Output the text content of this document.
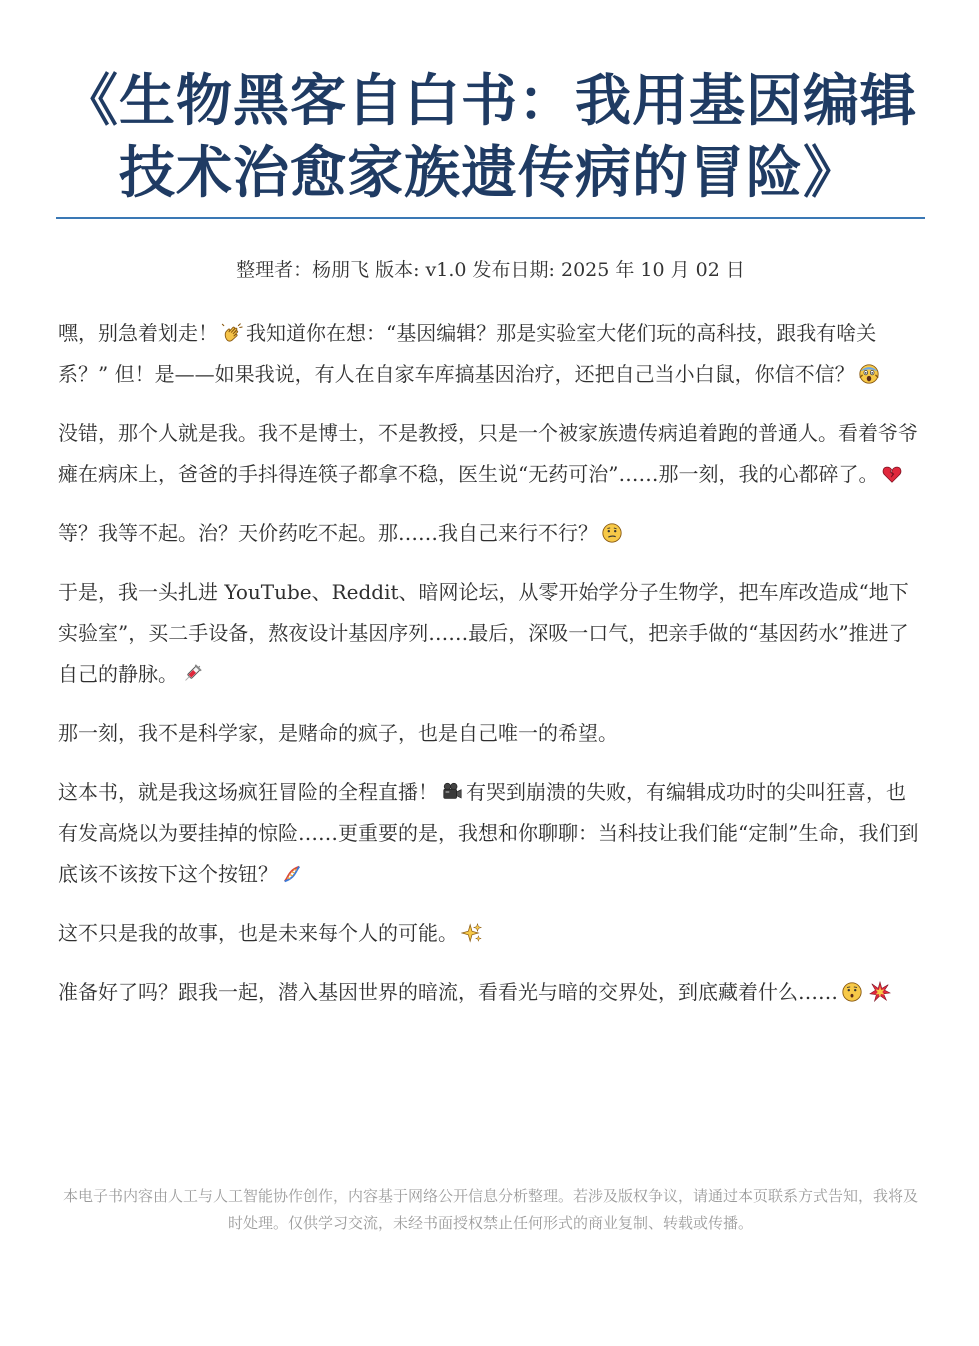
《生物黑客自白书：我用基因编辑
技术治愈家族遗传病的冒险》
整理者：杨朋飞 版本: v1.0 发布日期: 2025 年 10 月 02 日

嘿，别急着划走！ 我知道你在想：“基因编辑？那是实验室大佬们玩的高科技，跟我有啥关系？” 但！是——如果我说，有人在自家车库搞基因治疗，还把自己当小白鼠，你信不信？

没错，那个人就是我。我不是博士，不是教授，只是一个被家族遗传病追着跑的普通人。看着爷爷瘫在病床上，爸爸的手抖得连筷子都拿不稳，医生说“无药可治”……那一刻，我的心都碎了。

等？我等不起。治？天价药吃不起。那……我自己来行不行？

于是，我一头扎进 YouTube、Reddit、暗网论坛，从零开始学分子生物学，把车库改造成“地下实验室”，买二手设备，熬夜设计基因序列……最后，深吸一口气，把亲手做的“基因药水”推进了自己的静脉。

那一刻，我不是科学家，是赌命的疯子，也是自己唯一的希望。

这本书，就是我这场疯狂冒险的全程直播！ 有哭到崩溃的失败，有编辑成功时的尖叫狂喜，也有发高烧以为要挂掉的惊险……更重要的是，我想和你聊聊：当科技让我们能“定制”生命，我们到底该不该按下这个按钮？

这不只是我的故事，也是未来每个人的可能。

准备好了吗？跟我一起，潜入基因世界的暗流，看看光与暗的交界处，到底藏着什么……

本电子书内容由人工与人工智能协作创作，内容基于网络公开信息分析整理。若涉及版权争议，请通过本页联系方式告知，我将及时处理。仅供学习交流，未经书面授权禁止任何形式的商业复制、转载或传播。
